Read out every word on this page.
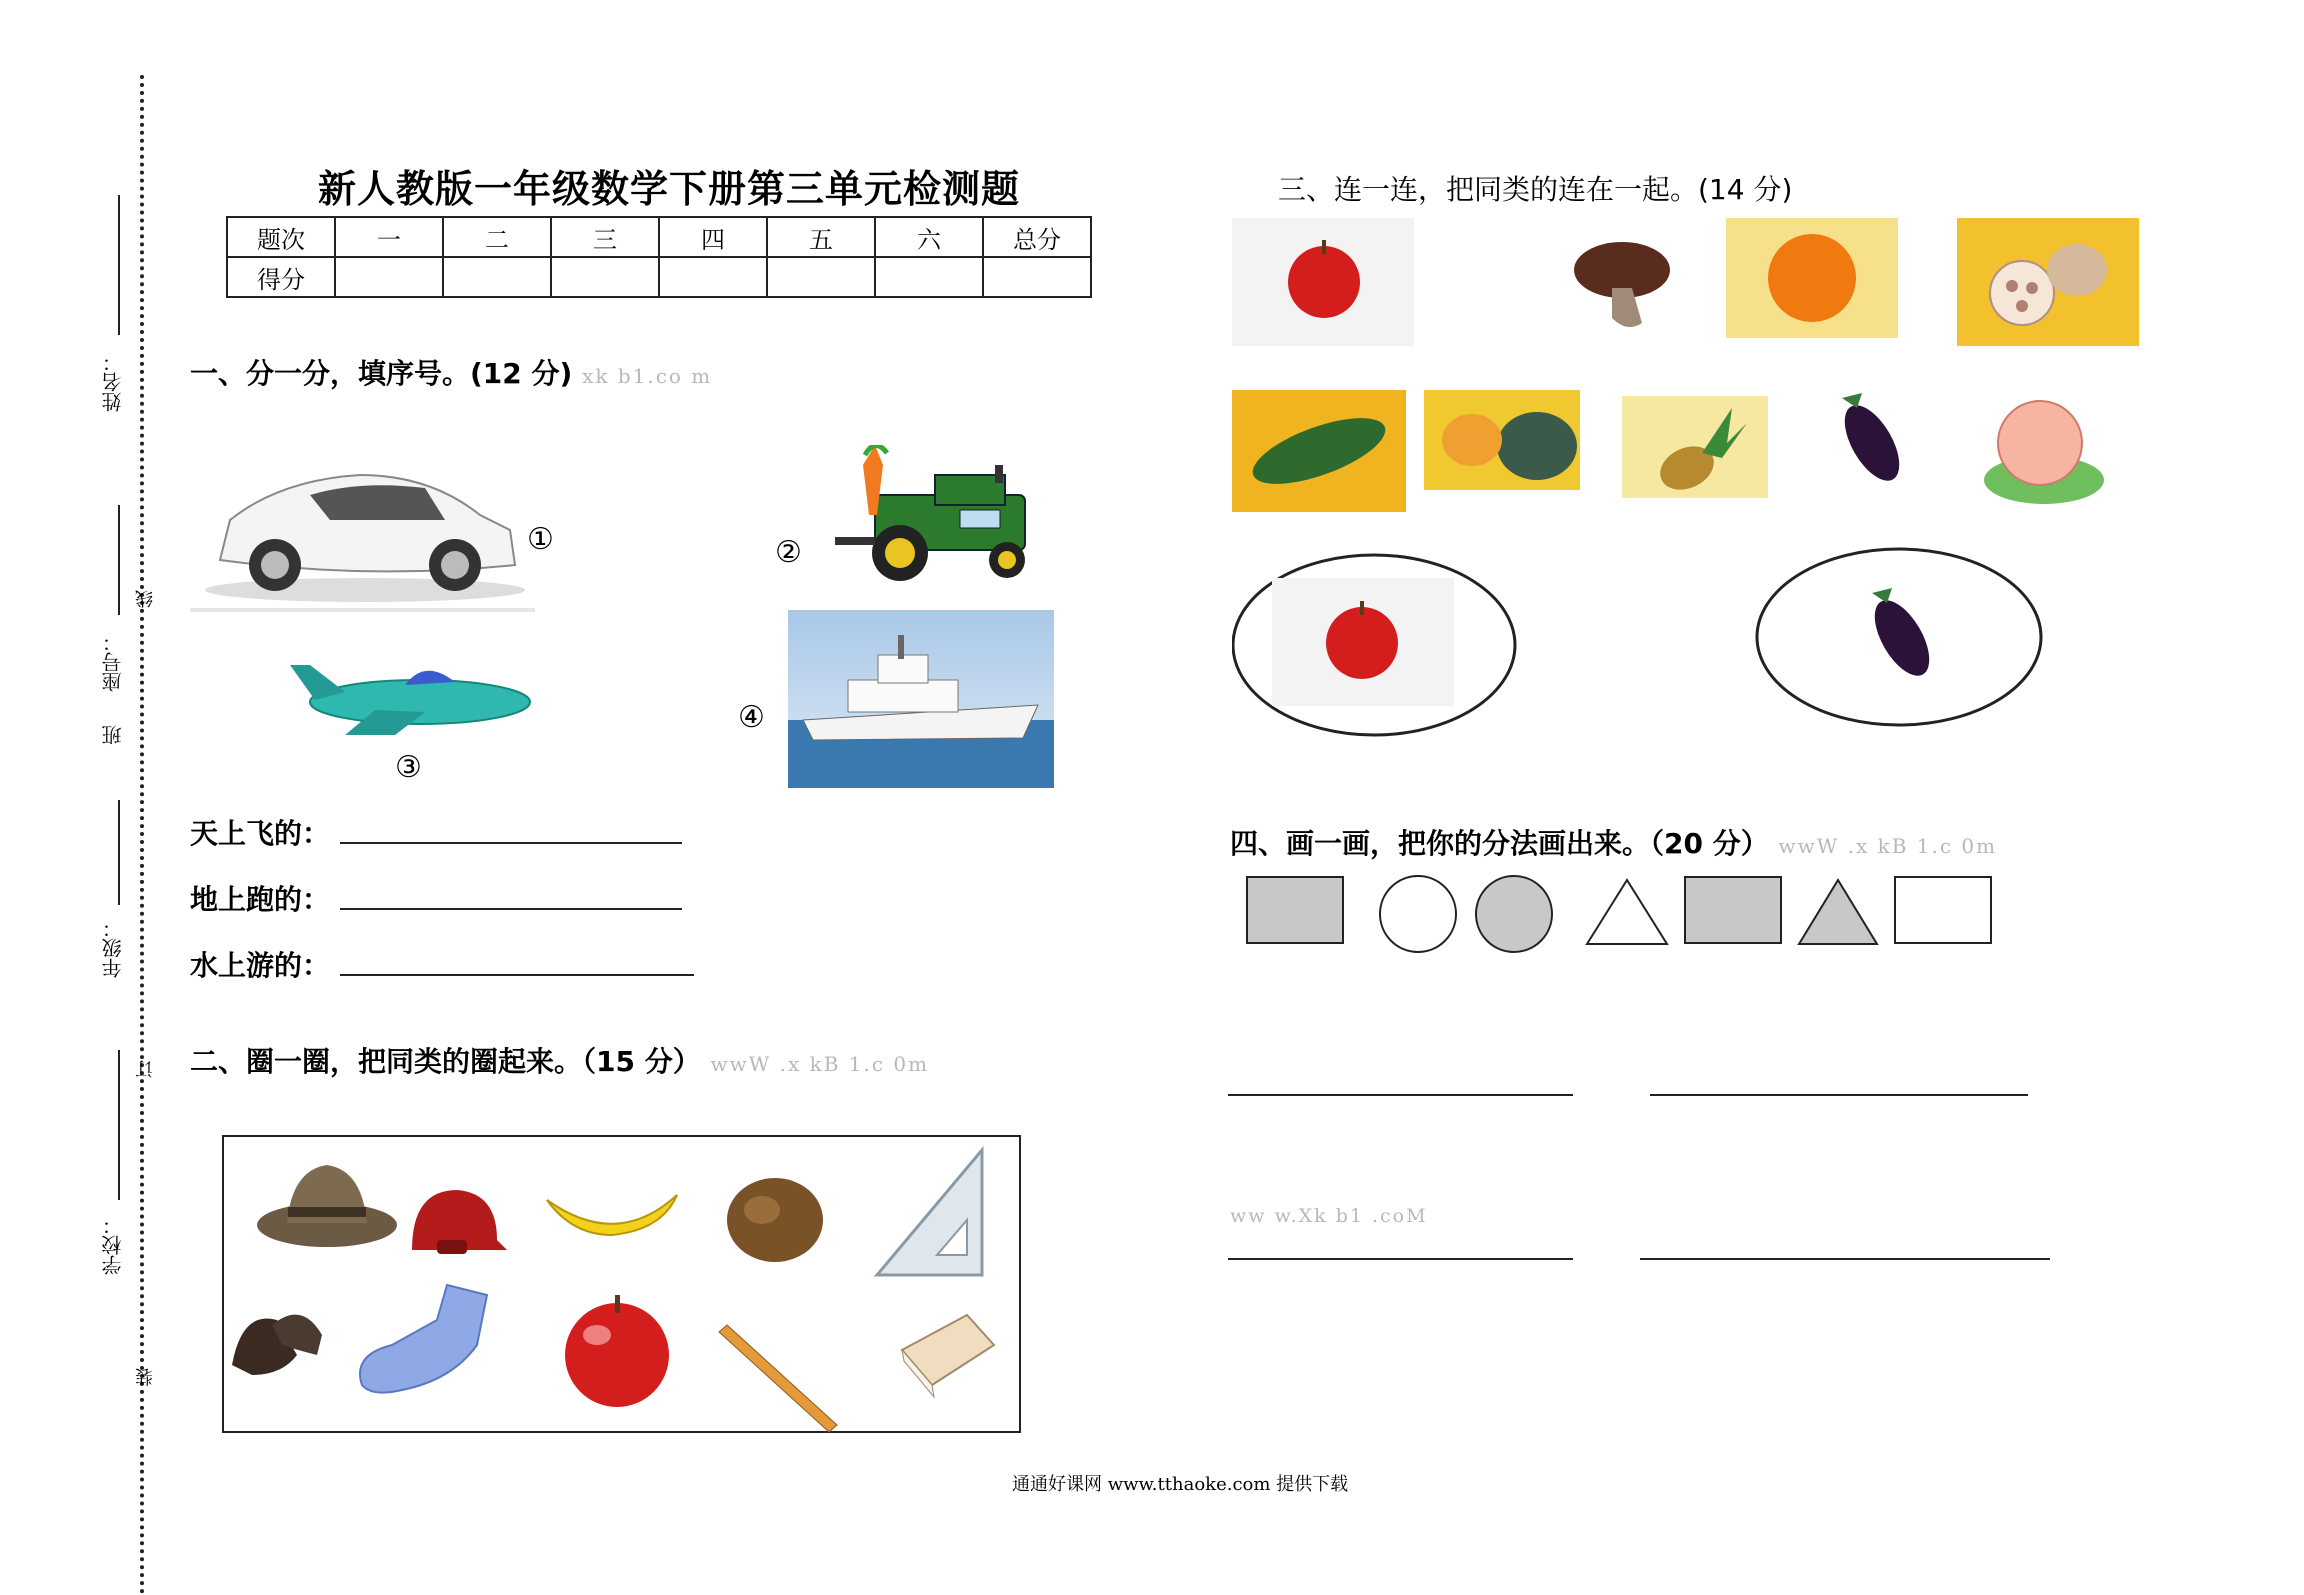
姓名：
座号：
线
班
年级：
订
学校：
装
新人教版一年级数学下册第三单元检测题
题次	一	二	三	四	五	六	总分
得分							
一、分一分，填序号。(12 分) xk b1.co m
①	②
③
④
天上飞的：
地上跑的：
水上游的：
二、圈一圈，把同类的圈起来。（15 分） wwW .x kB 1.c 0m
三、连一连，把同类的连在一起。(14 分)
四、画一画，把你的分法画出来。（20 分） wwW .x kB 1.c 0m
ww w.Xk b1 .coM
通通好课网 www.tthaoke.com 提供下载
